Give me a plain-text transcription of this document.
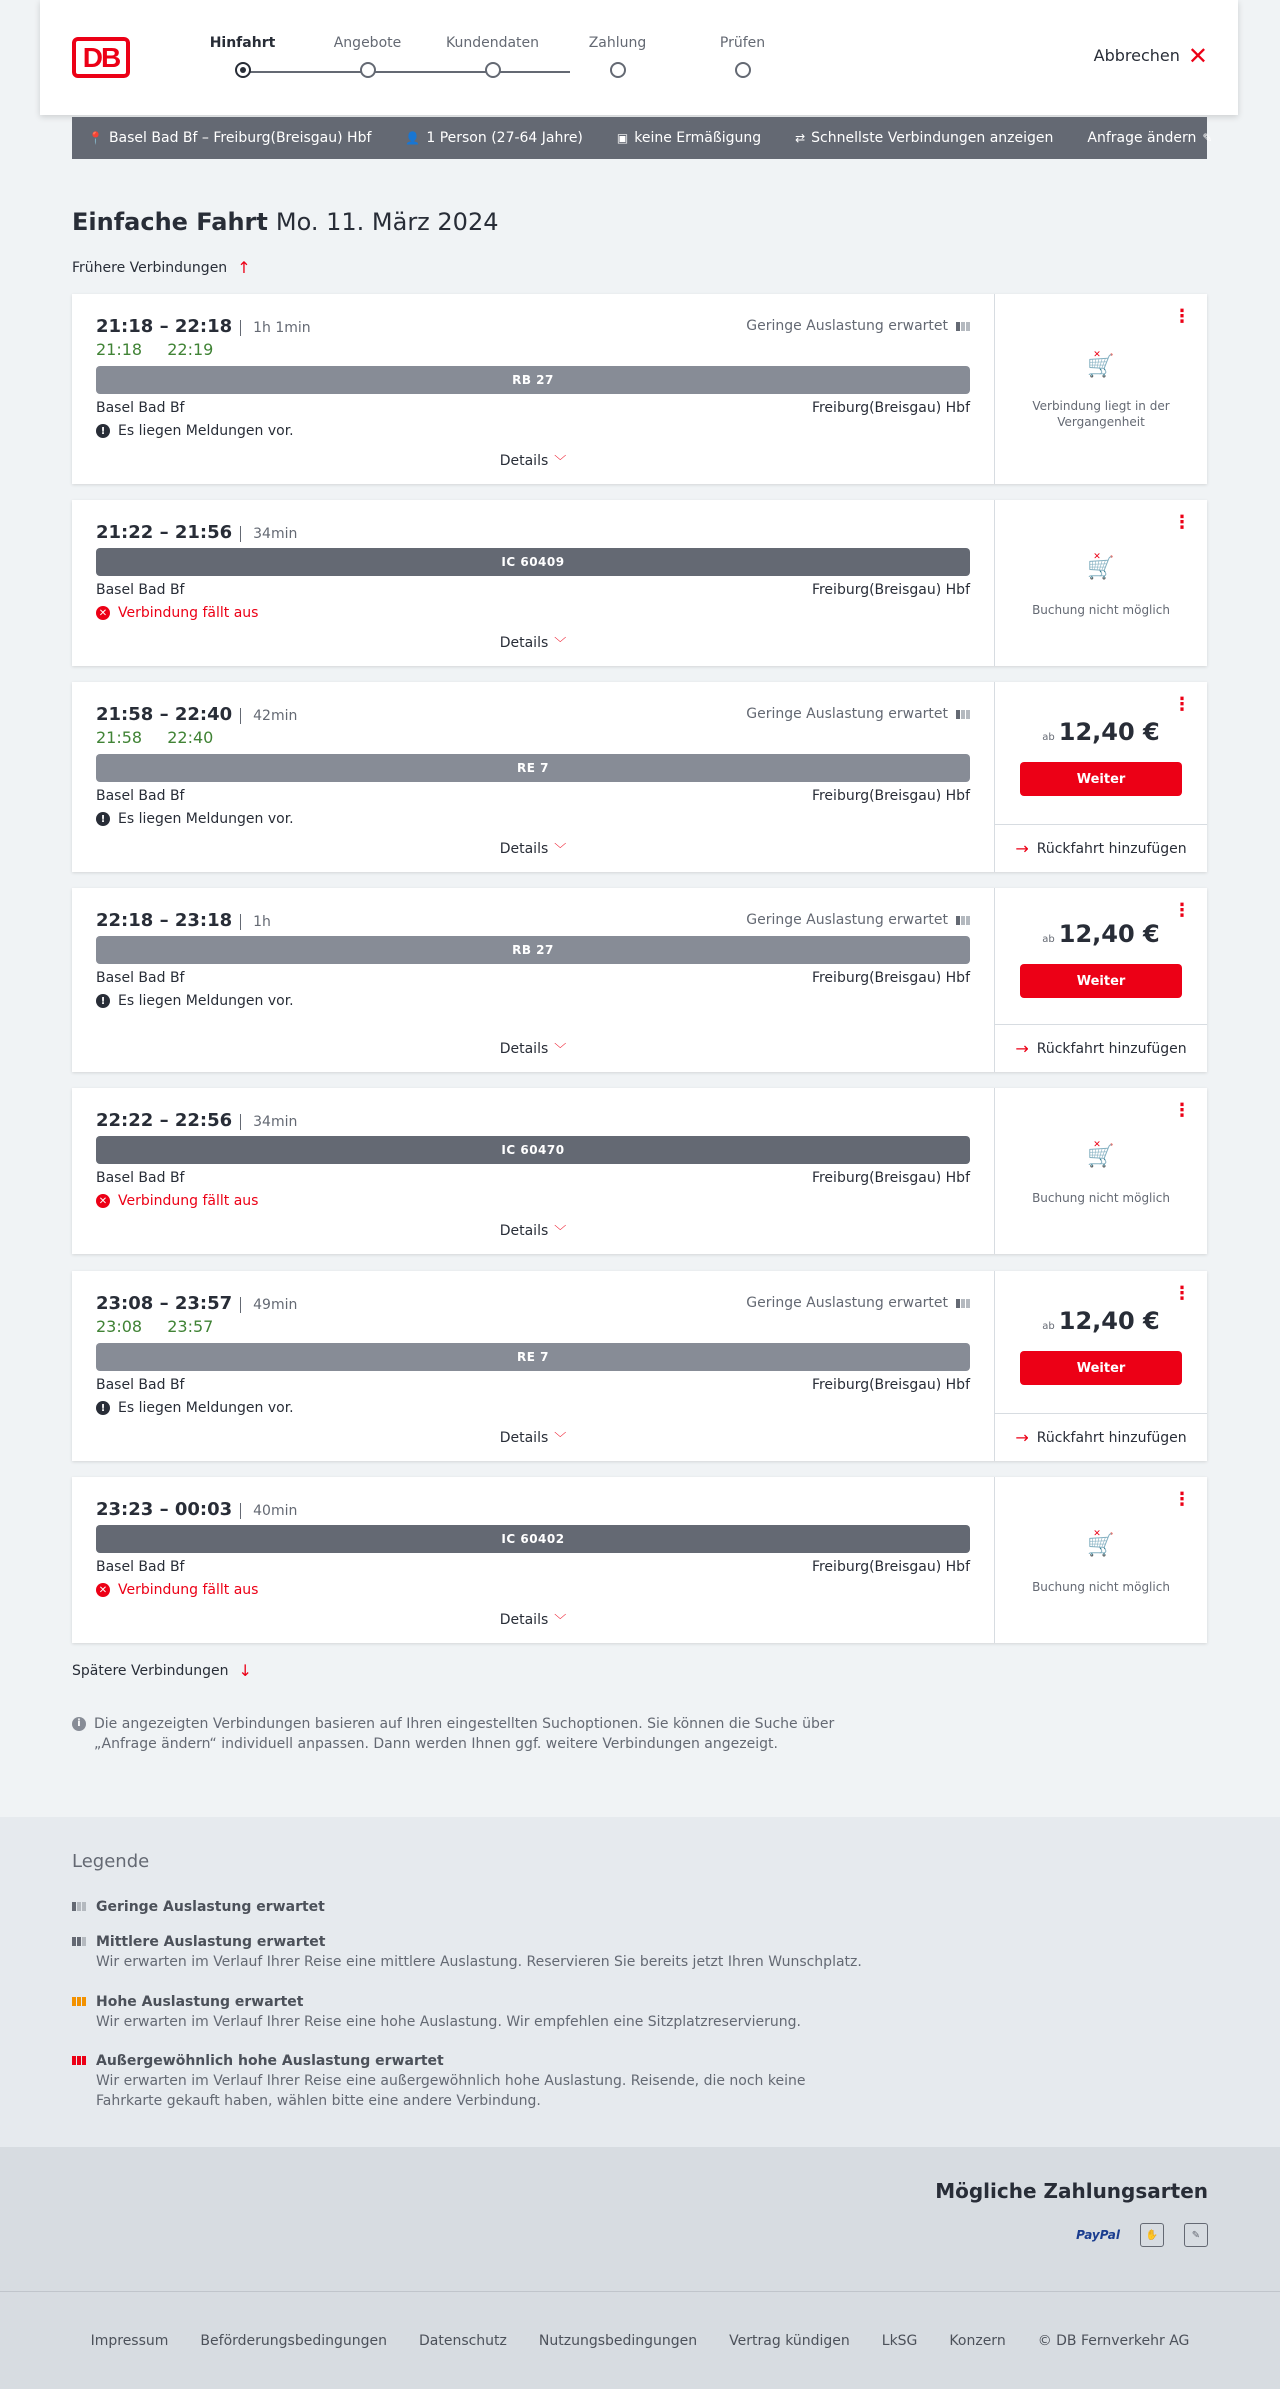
DB	Hinfahrt	Angebote	Kundendaten	Zahlung	Prüfen
Abbrechen ✕
📍 Basel Bad Bf – Freiburg(Breisgau) Hbf	👤 1 Person (27-64 Jahre)	▣ keine Ermäßigung	⇄ Schnellste Verbindungen anzeigen Anfrage ändern ✎
Einfache Fahrt Mo. 11. März 2024
Frühere Verbindungen ↑
21:18 – 22:18 1h 1min	Geringe Auslastung erwartet
21:18 22:19
RB 27
Basel Bad Bf	Freiburg(Breisgau) Hbf
! Es liegen Meldungen vor.
Details ﹀
⋮
🛒 ✕
Verbindung liegt in der Vergangenheit
21:22 – 21:56 34min
IC 60409
Basel Bad Bf	Freiburg(Breisgau) Hbf
✕ Verbindung fällt aus
Details ﹀
⋮
🛒 ✕
Buchung nicht möglich
21:58 – 22:40 42min	Geringe Auslastung erwartet
21:58 22:40
RE 7
Basel Bad Bf	Freiburg(Breisgau) Hbf
! Es liegen Meldungen vor.
Details ﹀
⋮
ab 12,40 €
Weiter
→ Rückfahrt hinzufügen
22:18 – 23:18 1h	Geringe Auslastung erwartet
RB 27
Basel Bad Bf	Freiburg(Breisgau) Hbf
! Es liegen Meldungen vor.
Details ﹀
⋮
ab 12,40 €
Weiter
→ Rückfahrt hinzufügen
22:22 – 22:56 34min
IC 60470
Basel Bad Bf	Freiburg(Breisgau) Hbf
✕ Verbindung fällt aus
Details ﹀
⋮
🛒 ✕
Buchung nicht möglich
23:08 – 23:57 49min	Geringe Auslastung erwartet
23:08 23:57
RE 7
Basel Bad Bf	Freiburg(Breisgau) Hbf
! Es liegen Meldungen vor.
Details ﹀
⋮
ab 12,40 €
Weiter
→ Rückfahrt hinzufügen
23:23 – 00:03 40min
IC 60402
Basel Bad Bf	Freiburg(Breisgau) Hbf
✕ Verbindung fällt aus
Details ﹀
⋮
🛒 ✕
Buchung nicht möglich
Spätere Verbindungen ↓
i Die angezeigten Verbindungen basieren auf Ihren eingestellten Suchoptionen. Sie können die Suche über „Anfrage ändern“ individuell anpassen. Dann werden Ihnen ggf. weitere Verbindungen angezeigt.
Legende
Geringe Auslastung erwartet
Mittlere Auslastung erwartet

Wir erwarten im Verlauf Ihrer Reise eine mittlere Auslastung. Reservieren Sie bereits jetzt Ihren Wunschplatz.

Hohe Auslastung erwartet

Wir erwarten im Verlauf Ihrer Reise eine hohe Auslastung. Wir empfehlen eine Sitzplatzreservierung.

Außergewöhnlich hohe Auslastung erwartet

Wir erwarten im Verlauf Ihrer Reise eine außergewöhnlich hohe Auslastung. Reisende, die noch keine Fahrkarte gekauft haben, wählen bitte eine andere Verbindung.

Mögliche Zahlungsarten
PayPal	✋	✎
Impressum Beförderungsbedingungen Datenschutz Nutzungsbedingungen Vertrag kündigen LkSG Konzern © DB Fernverkehr AG
